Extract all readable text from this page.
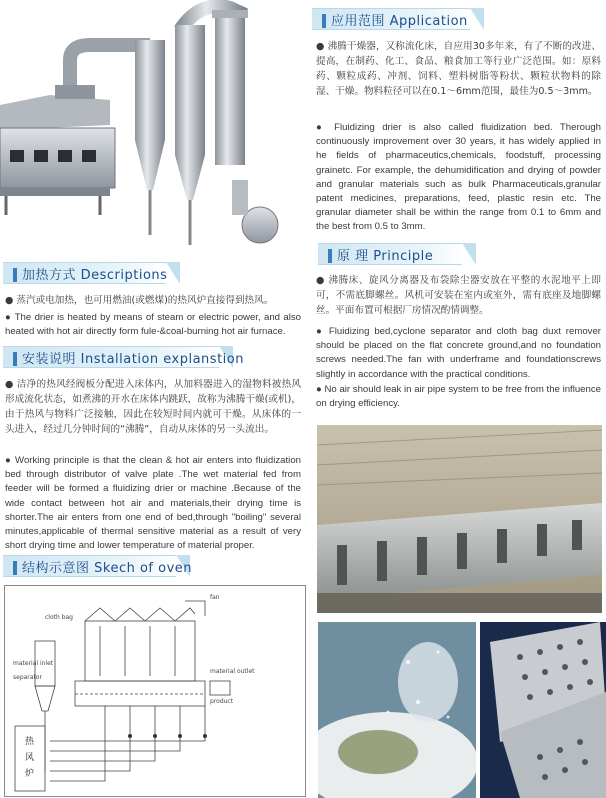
应用范围 Application
● 沸腾干燥器，又称流化床，自应用30多年来，有了不断的改进、提高，在制药、化工、食品、粮食加工等行业广泛范围。如：原料药、颗粒成药、冲剂、饲料、塑料树脂等粉状、颗粒状物料的除湿、干燥。物料粒径可以在0.1～6mm范围，最佳为0.5～3mm。
● Fluidizing drier is also called fluidization bed. Therough continuously improvement over 30 years, it has widely applied in he fields of pharmaceutics,chemicals, foodstuff, processing grainetc. For example, the dehumidification and drying of powder and granular materials such as bulk Pharmaceuticals,granular patent medicines, preparations, feed, plastic resin etc. The granular diameter shall be within the range from 0.1 to 6mm and the best from 0.5 to 3mm.
原 理 Principle
● 沸腾床、旋风分离器及布袋除尘器安放在平整的水泥地平上即可，不需底脚螺丝。风机可安装在室内或室外，需有底座及地脚螺丝。平面布置可根据厂房情况酌情调整。
● Fluidizing bed,cyclone separator and cloth bag duxt remover should be placed on the flat concrete ground,and no foundation screws needed.The fan with underframe and foundationscrews slightly in accordance with the practical conditions.
● No air should leak in air pipe system to be free from the influence on drying efficiency.
加热方式 Descriptions
● 蒸汽或电加热，也可用燃油(或燃煤)的热风炉直接得到热风。
● The drier is heated by means of steam or electric power, and also heated with hot air directly form fule-&coal-burning hot air furnace.
安装说明 Installation explanstion
● 洁净的热风经阀板分配进入床体内，从加料器进入的湿物料被热风形成流化状态，如煮沸的开水在床体内跳跃，故称为沸腾干燥(或机)，由于热风与物料广泛接触，因此在较短时间内就可干燥。从床体的一头进入，经过几分钟时间的“沸腾”，自动从床体的另一头流出。
● Working principle is that the clean & hot air enters into fluidization bed through distributor of valve plate .The wet material fed from feeder will be formed a fluidizing drier or machine .Because of the wide contact between hot air and materials,their drying time is shorter.The air enters from one end of bed,through "boiling" several minutes,applicable of thermal sensitive material as a result of very short drying time and lower temperature of material proper.
结构示意图 Skech of oven
fan
cloth bag
separator
material inlet
material outlet
product
热
风
炉
